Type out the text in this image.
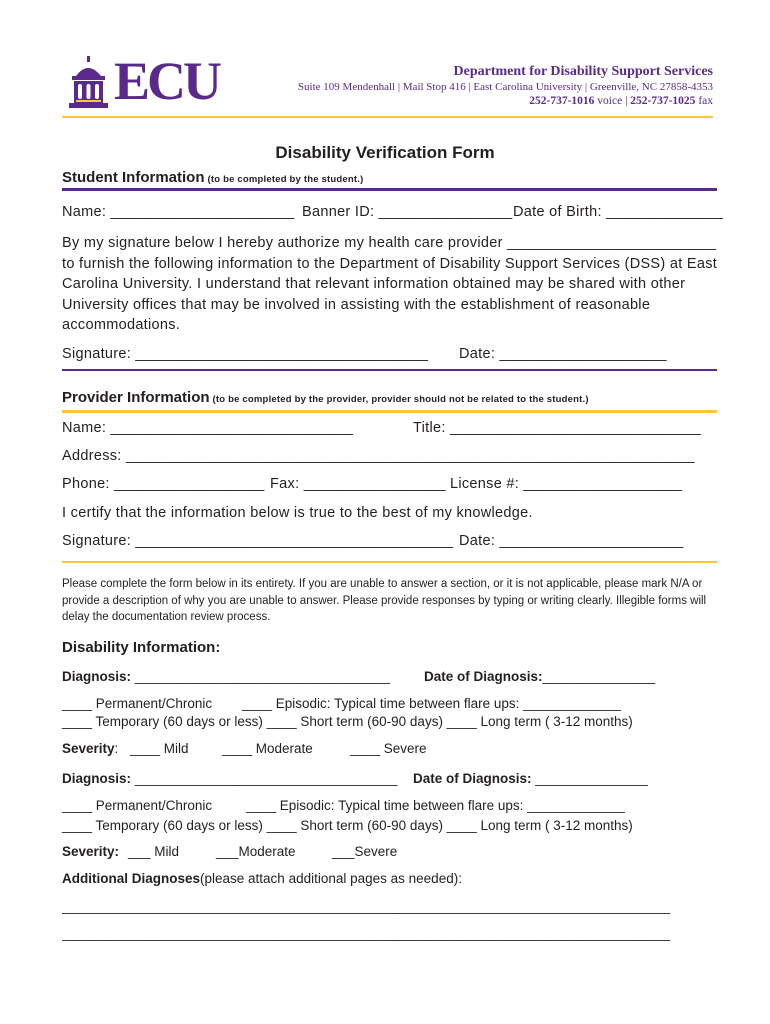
ECU	Department for Disability Support Services
Suite 109 Mendenhall | Mail Stop 416 | East Carolina University | Greenville, NC 27858-4353
252-737-1016 voice | 252-737-1025 fax
Disability Verification Form
Student Information (to be completed by the student.)
Name: ______________________ Banner ID: ________________ Date of Birth: ______________
By my signature below I hereby authorize my health care provider _________________________ to furnish the following information to the Department of Disability Support Services (DSS) at East Carolina University. I understand that relevant information obtained may be shared with other University offices that may be involved in assisting with the establishment of reasonable accommodations.
Signature: ___________________________________ Date: ____________________
Provider Information (to be completed by the provider, provider should not be related to the student.)
Name: _____________________________	Title: ______________________________
Address: ____________________________________________________________________
Phone: __________________ Fax: _________________ License #: ___________________
I certify that the information below is true to the best of my knowledge.
Signature: ______________________________________ Date: ______________________
Please complete the form below in its entirety. If you are unable to answer a section, or it is not applicable, please mark N/A or provide a description of why you are unable to answer. Please provide responses by typing or writing clearly. Illegible forms will delay the documentation review process.
Disability Information:
Diagnosis: __________________________________	Date of Diagnosis:_______________
____ Permanent/Chronic ____ Episodic: Typical time between flare ups: _____________
____ Temporary (60 days or less) ____ Short term (60-90 days) ____ Long term ( 3-12 months)
Severity: ____ Mild ____ Moderate	____ Severe
Diagnosis: ___________________________________ Date of Diagnosis: _______________
____ Permanent/Chronic	____ Episodic: Typical time between flare ups: _____________
____ Temporary (60 days or less) ____ Short term (60-90 days) ____ Long term ( 3-12 months)
Severity: ___ Mild	___Moderate	___Severe
Additional Diagnoses(please attach additional pages as needed):
_________________________________________________________________________________
_________________________________________________________________________________
